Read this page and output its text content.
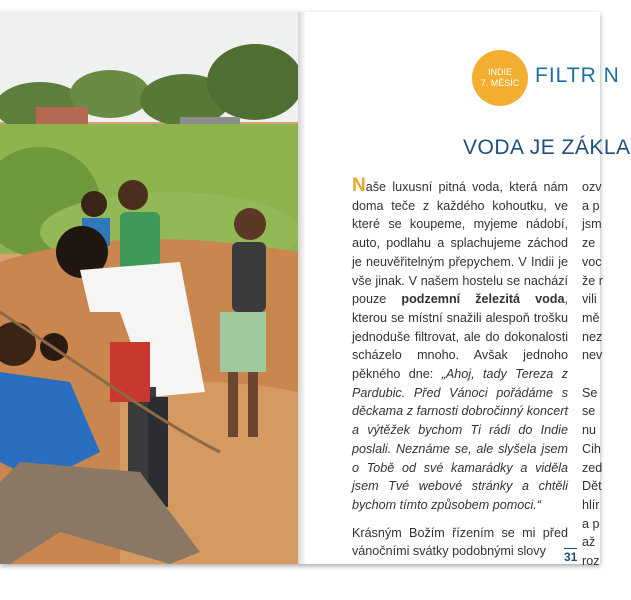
INDIE
7. MĚSÍC FILTR N
VODA JE ZÁKLA

Naše luxusní pitná voda, která nám doma teče z každého kohoutku, ve které se koupeme, myjeme nádobí, auto, podlahu a splachujeme záchod je neuvěřitelným přepychem. V Indii je vše jinak. V našem hostelu se nachází pouze podzemní železitá voda, kterou se místní snažili alespoň trošku jednoduše filtrovat, ale do dokonalosti scházelo mnoho. Avšak jednoho pěkného dne: „Ahoj, tady Tereza z Pardubic. Před Vánoci pořádáme s děckama z farnosti dobročinný koncert a výtěžek bychom Ti rádi do Indie poslali. Neznáme se, ale slyšela jsem o Tobě od své kamarádky a viděla jsem Tvé webové stránky a chtěli bychom tímto způsobem pomoci.“

Krásným Božím řízením se mi před vánočními svátky podobnými slovy

ozv
a p
jsm
ze
voc
že r
vili
mě
nez
nev

Se
se
nu
Cih
zed
Dět
hlír
a p
až
roz
31
